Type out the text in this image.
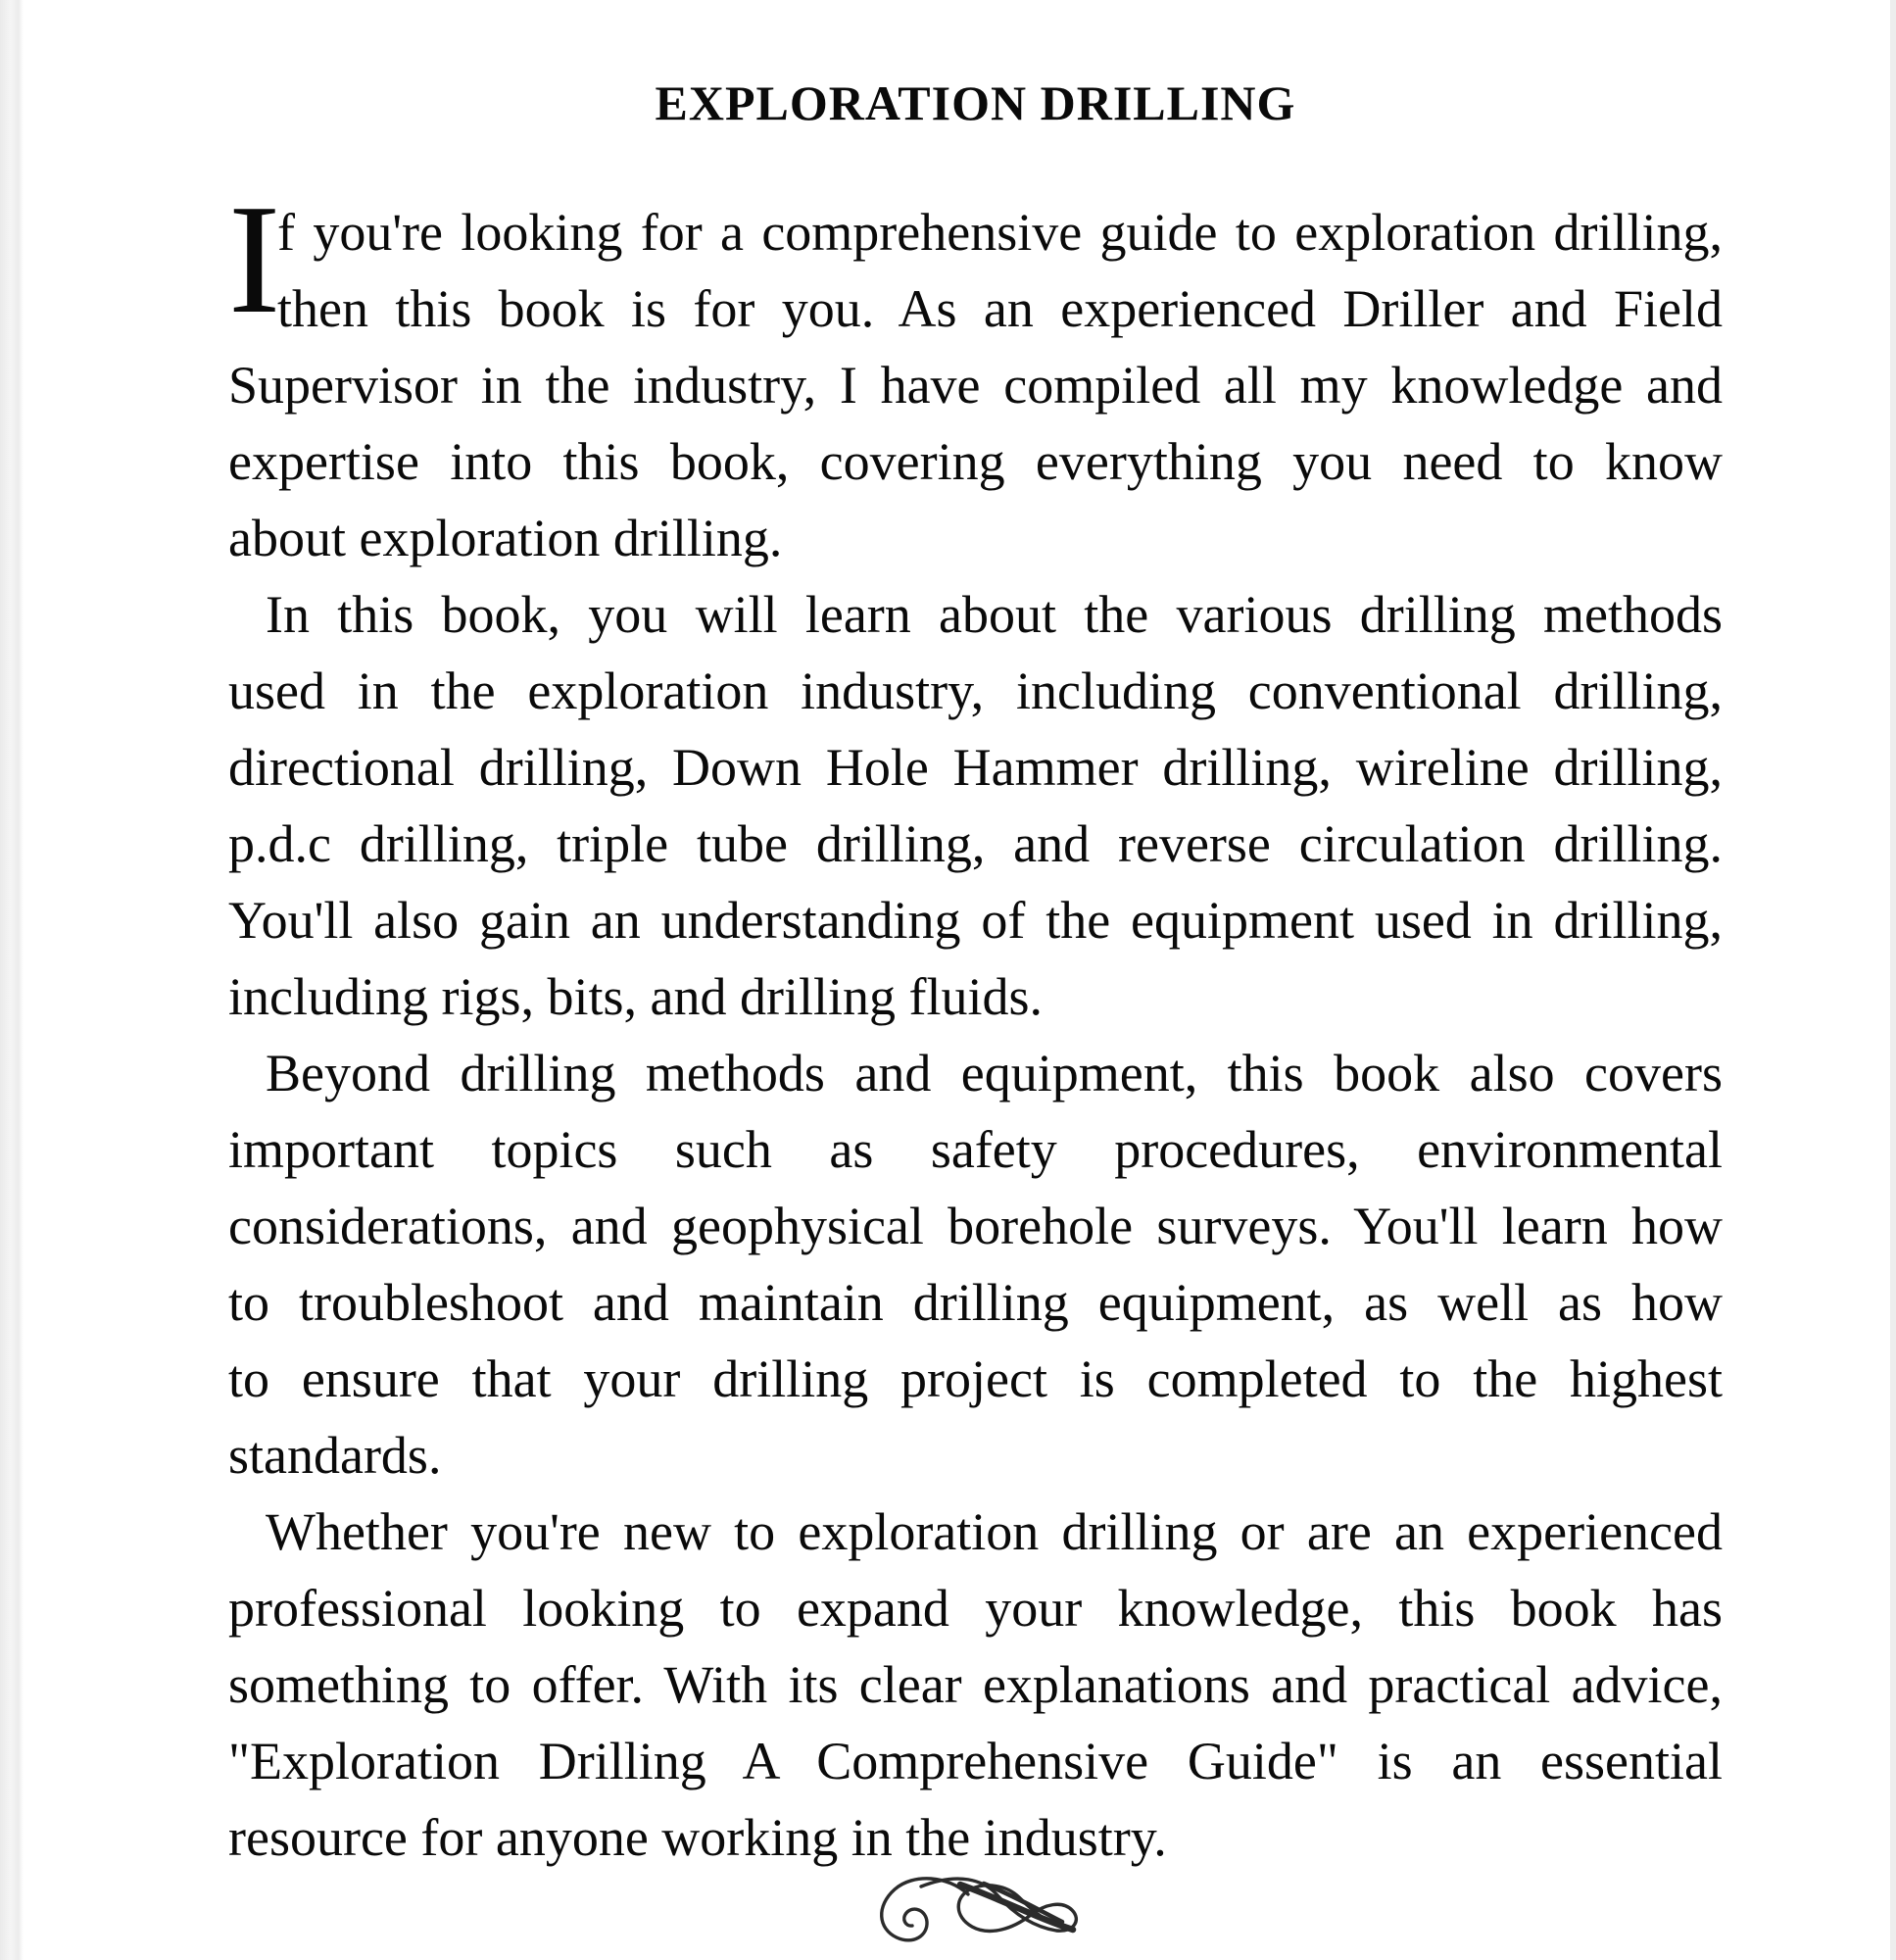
EXPLORATION DRILLING
I
f you're looking for a comprehensive guide to exploration drilling,
then this book is for you. As an experienced Driller and Field
Supervisor in the industry, I have compiled all my knowledge and
expertise into this book, covering everything you need to know
about exploration drilling.
In this book, you will learn about the various drilling methods
used in the exploration industry, including conventional drilling,
directional drilling, Down Hole Hammer drilling, wireline drilling,
p.d.c drilling, triple tube drilling, and reverse circulation drilling.
You'll also gain an understanding of the equipment used in drilling,
including rigs, bits, and drilling fluids.
Beyond drilling methods and equipment, this book also covers
important topics such as safety procedures, environmental
considerations, and geophysical borehole surveys. You'll learn how
to troubleshoot and maintain drilling equipment, as well as how
to ensure that your drilling project is completed to the highest
standards.
Whether you're new to exploration drilling or are an experienced
professional looking to expand your knowledge, this book has
something to offer. With its clear explanations and practical advice,
"Exploration Drilling A Comprehensive Guide" is an essential
resource for anyone working in the industry.
